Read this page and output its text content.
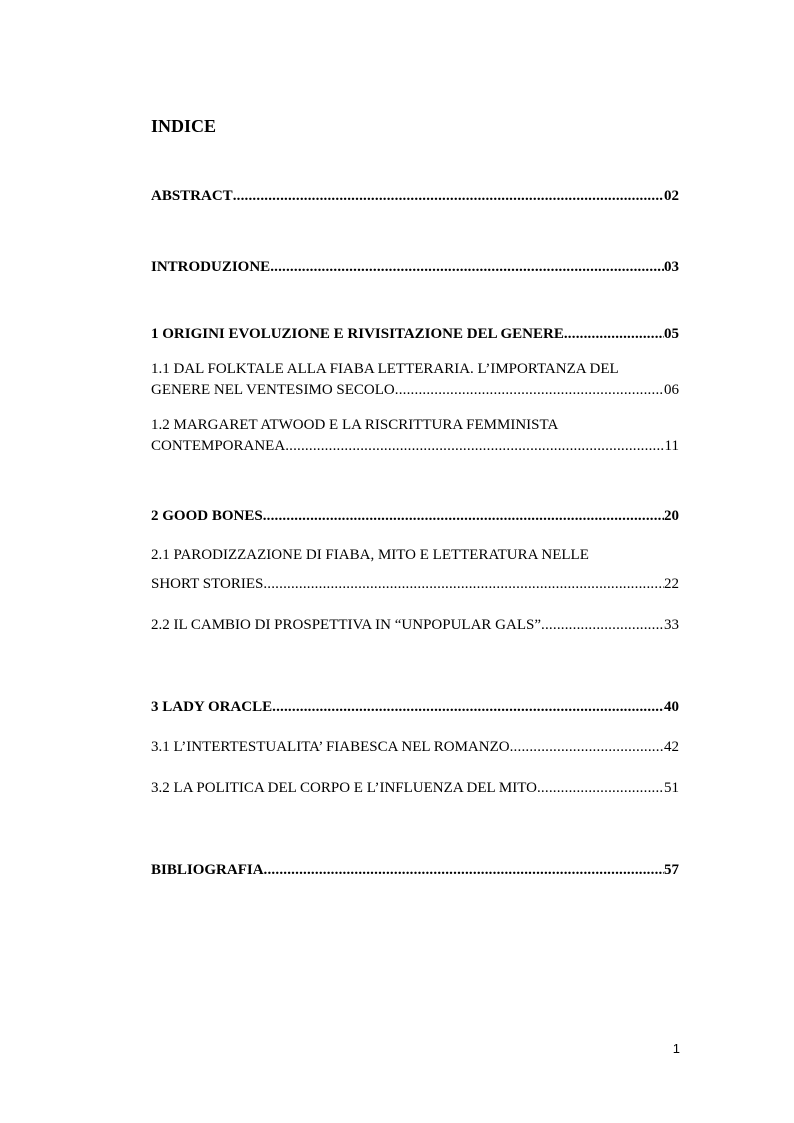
INDICE
ABSTRACT .....	02
INTRODUZIONE .....	03
1 ORIGINI EVOLUZIONE E RIVISITAZIONE DEL GENERE .....	05

1.1 DAL FOLKTALE ALLA FIABA LETTERARIA. L’IMPORTANZA DEL

GENERE NEL VENTESIMO SECOLO .....	06

1.2 MARGARET ATWOOD E LA RISCRITTURA FEMMINISTA

CONTEMPORANEA .....	11
2 GOOD BONES .....	20

2.1 PARODIZZAZIONE DI FIABA, MITO E LETTERATURA NELLE

SHORT STORIES .....	22
2.2 IL CAMBIO DI PROSPETTIVA IN “UNPOPULAR GALS” .....	33
3 LADY ORACLE .....	40
3.1 L’INTERTESTUALITA’ FIABESCA NEL ROMANZO .....	42
3.2 LA POLITICA DEL CORPO E L’INFLUENZA DEL MITO .....	51
BIBLIOGRAFIA .....	57
1
